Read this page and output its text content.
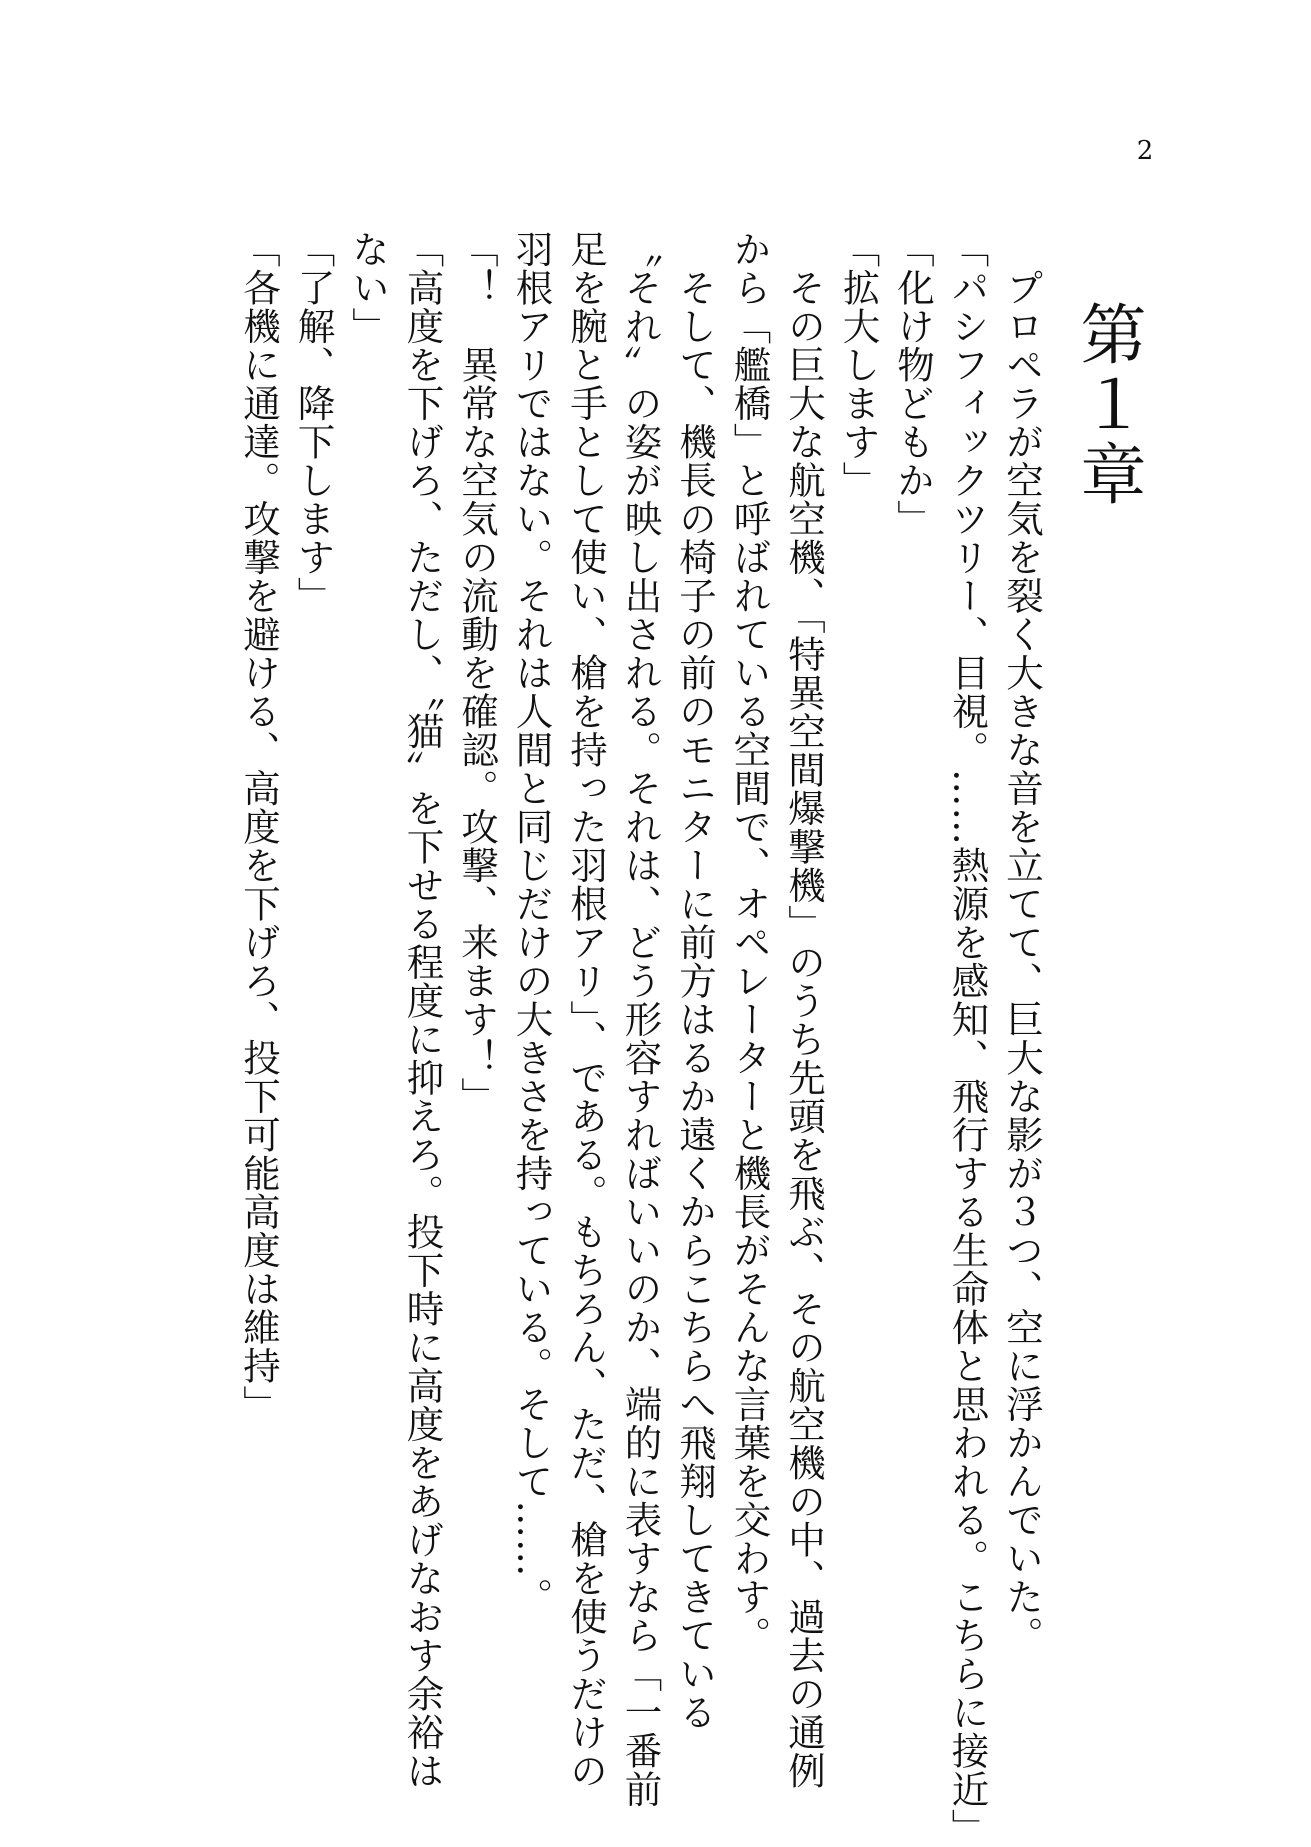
2
第１章
　プロペラが空気を裂く大きな音を立てて、巨大な影が３つ、空に浮かんでいた。
「パシフィックツリー、目視。……熱源を感知、飛行する生命体と思われる。こちらに接近」
「化け物どもか」
「拡大します」
　その巨大な航空機、「特異空間爆撃機」のうち先頭を飛ぶ、その航空機の中、過去の通例
から「艦橋」と呼ばれている空間で、オペレーターと機長がそんな言葉を交わす。
　そして、機長の椅子の前のモニターに前方はるか遠くからこちらへ飛翔してきている
〝それ〟の姿が映し出される。それは、どう形容すればいいのか、端的に表すなら「一番前
足を腕と手として使い、槍を持った羽根アリ」、である。もちろん、ただ、槍を使うだけの
羽根アリではない。それは人間と同じだけの大きさを持っている。そして……。
「！　異常な空気の流動を確認。攻撃、来ます！」
「高度を下げろ、ただし、〝猫〟を下せる程度に抑えろ。投下時に高度をあげなおす余裕は
ない」
「了解、降下します」
「各機に通達。攻撃を避ける、高度を下げろ、投下可能高度は維持」
